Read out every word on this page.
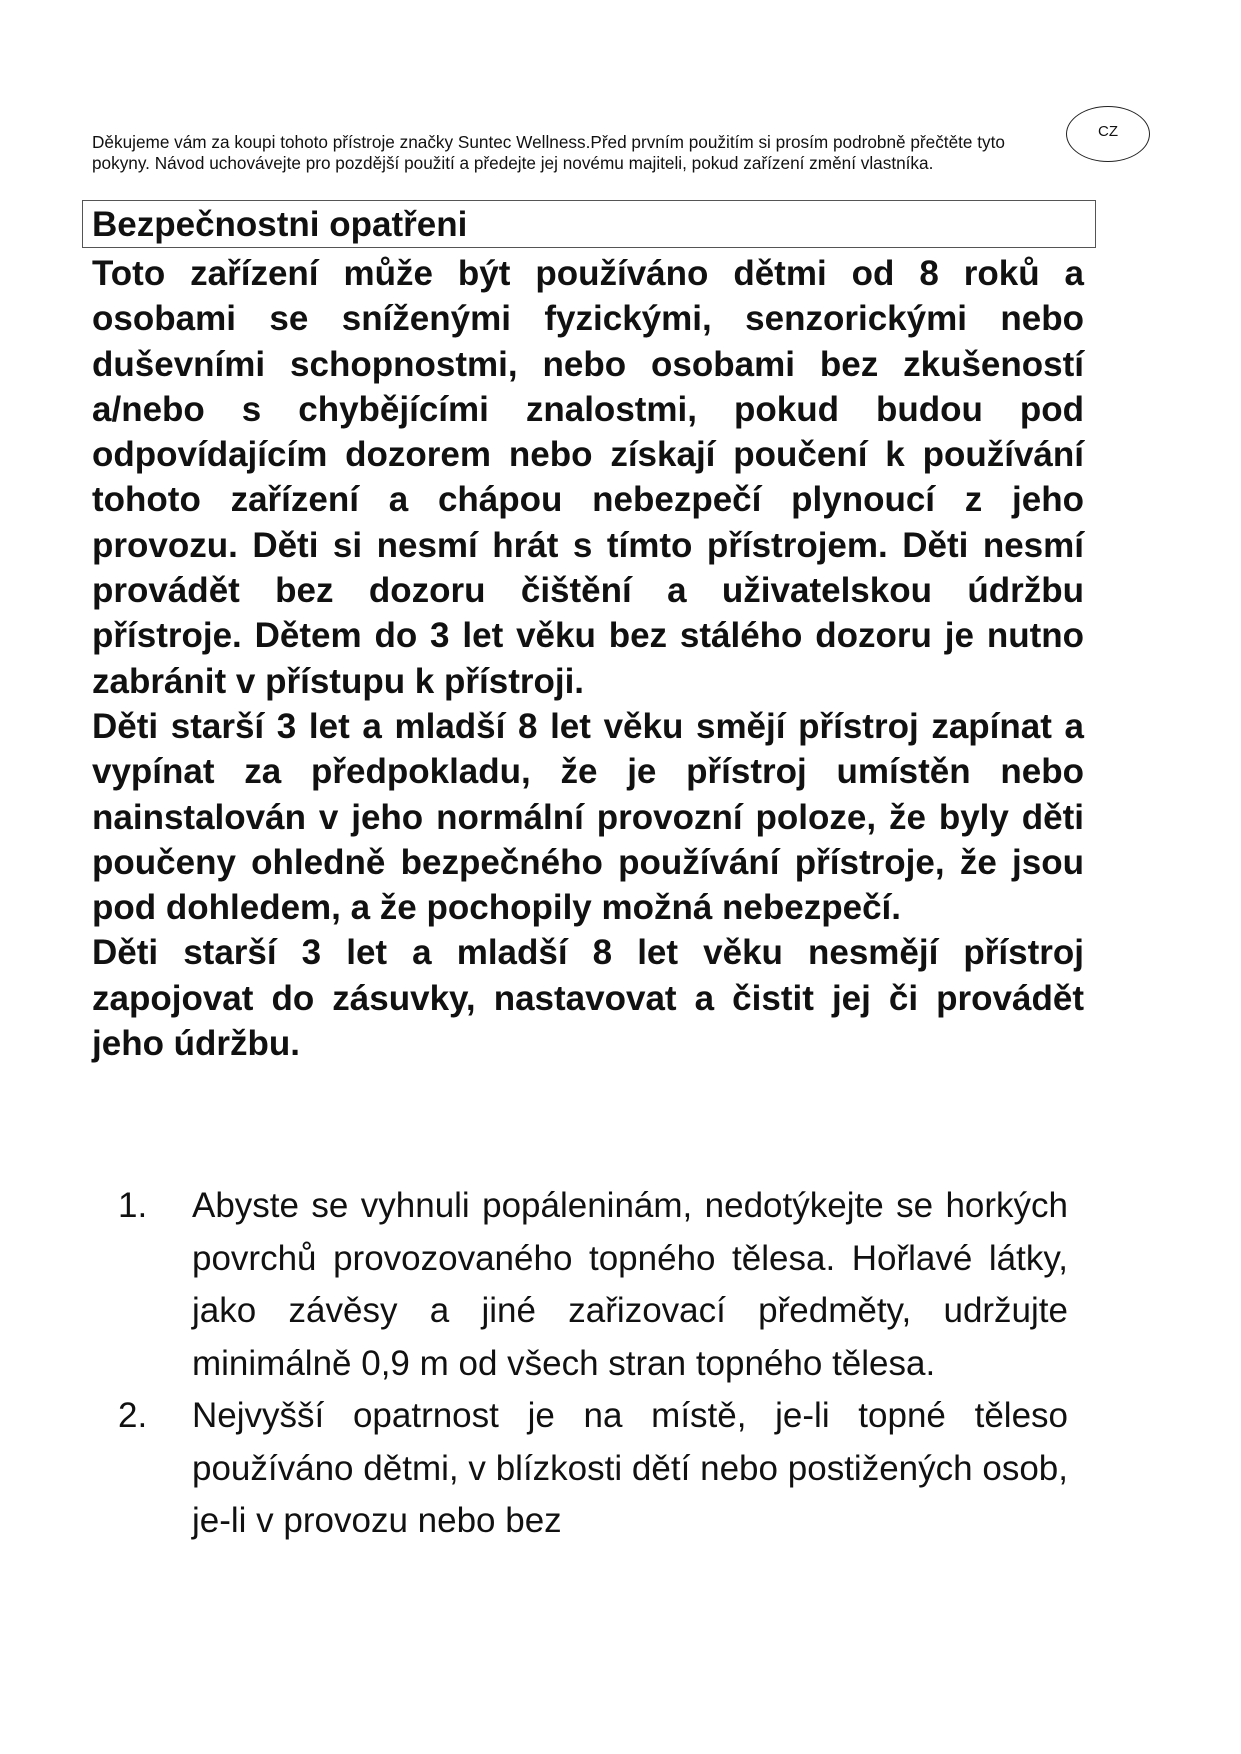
CZ

Děkujeme vám za koupi tohoto přístroje značky Suntec Wellness.Před prvním použitím si prosím podrobně přečtěte tyto pokyny. Návod uchovávejte pro pozdější použití a předejte jej novému majiteli, pokud zařízení změní vlastníka.

Bezpečnostni opatřeni

Toto zařízení může být používáno dětmi od 8 roků a osobami se sníženými fyzickými, senzorickými nebo duševními schopnostmi, nebo osobami bez zkušeností a/nebo s chybějícími znalostmi, pokud budou pod odpovídajícím dozorem nebo získají poučení k používání tohoto zařízení a chápou nebezpečí plynoucí z jeho provozu. Děti si nesmí hrát s tímto přístrojem. Děti nesmí provádět bez dozoru čištění a uživatelskou údržbu přístroje. Dětem do 3 let věku bez stálého dozoru je nutno zabránit v přístupu k přístroji.

Děti starší 3 let a mladší 8 let věku smějí přístroj zapínat a vypínat za předpokladu, že je přístroj umístěn nebo nainstalován v jeho normální provozní poloze, že byly děti poučeny ohledně bezpečného používání přístroje, že jsou pod dohledem, a že pochopily možná nebezpečí.

Děti starší 3 let a mladší 8 let věku nesmějí přístroj zapojovat do zásuvky, nastavovat a čistit jej či provádět jeho údržbu.

1. Abyste se vyhnuli popáleninám, nedotýkejte se horkých povrchů provozovaného topného tělesa. Hořlavé látky, jako závěsy a jiné zařizovací předměty, udržujte minimálně 0,9 m od všech stran topného tělesa.
2. Nejvyšší opatrnost je na místě, je-li topné těleso používáno dětmi, v blízkosti dětí nebo postižených osob, je-li v provozu nebo bez
